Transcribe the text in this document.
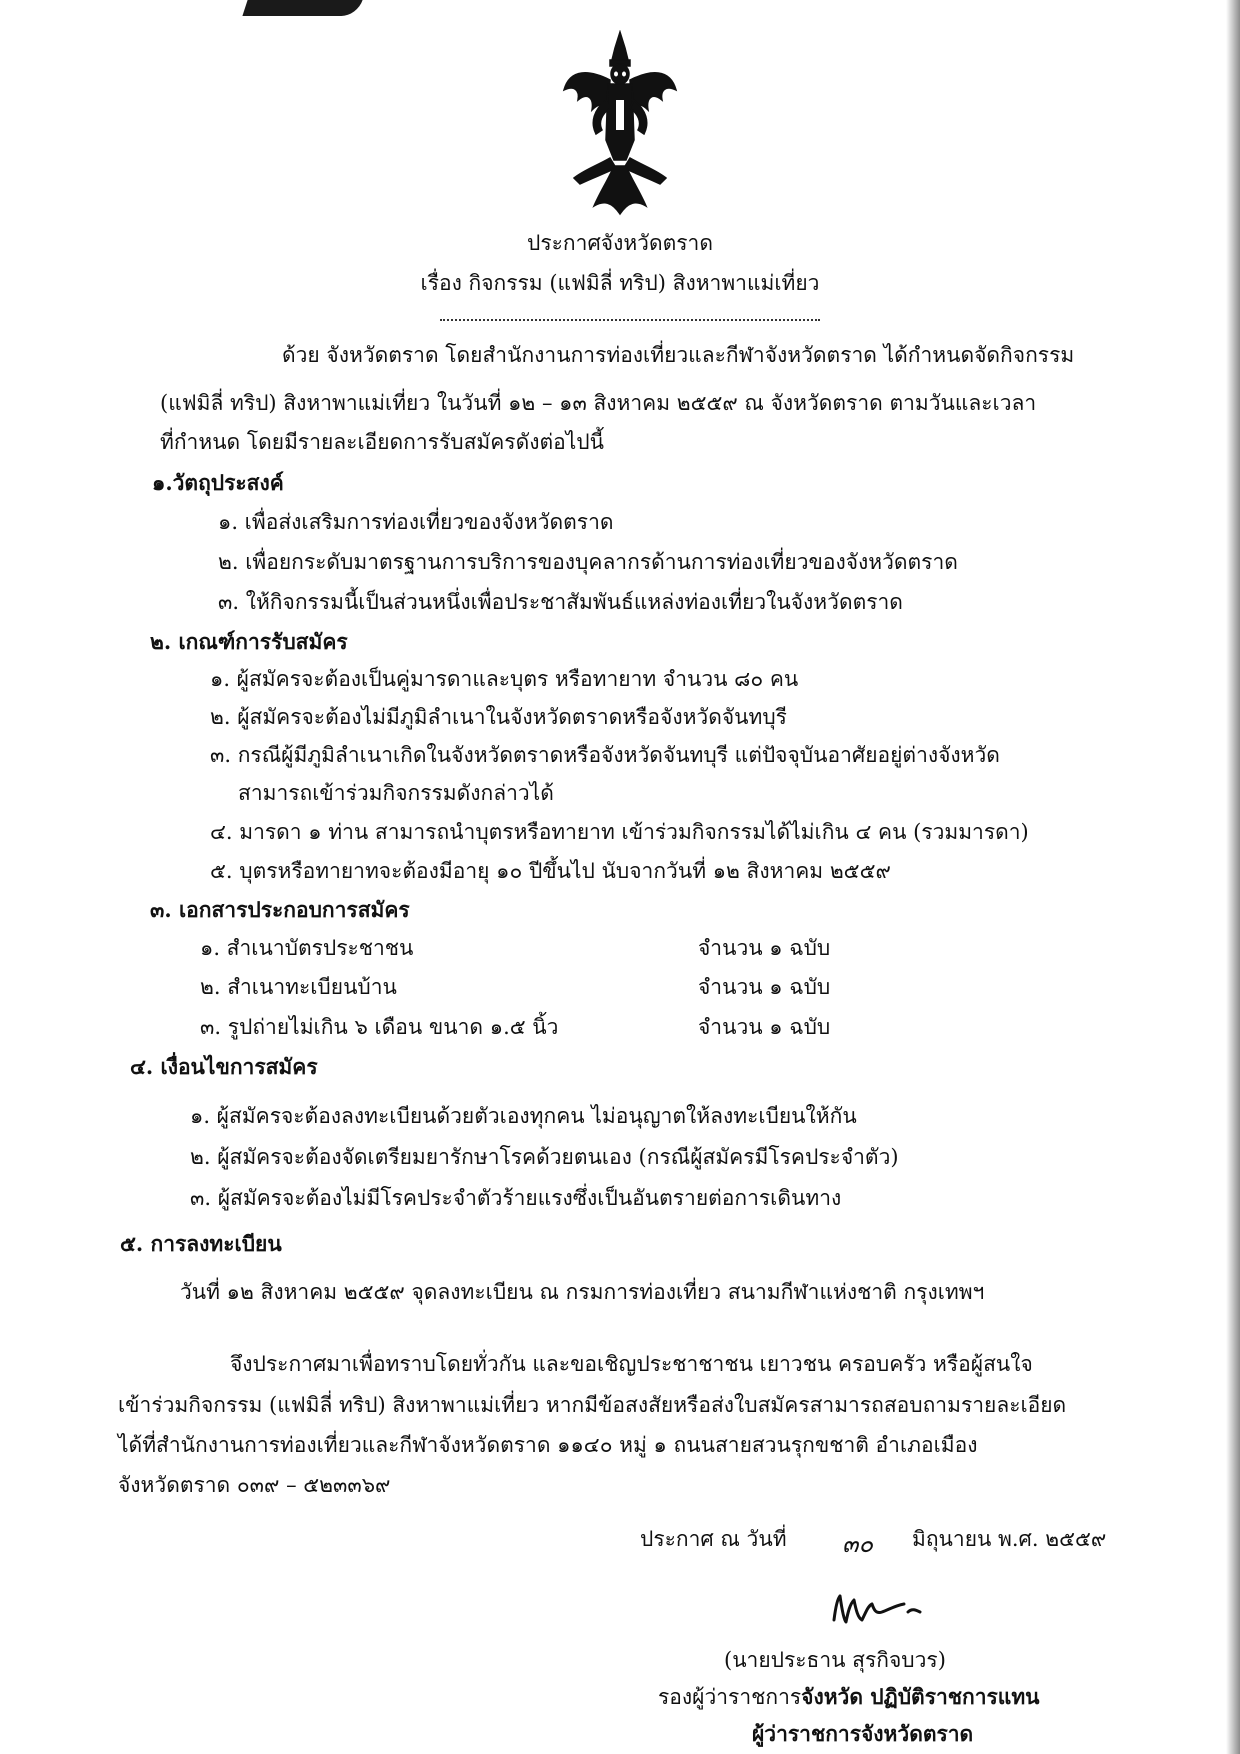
ประกาศจังหวัดตราด
เรื่อง กิจกรรม (แฟมิลี่ ทริป) สิงหาพาแม่เที่ยว
ด้วย จังหวัดตราด โดยสำนักงานการท่องเที่ยวและกีฬาจังหวัดตราด ได้กำหนดจัดกิจกรรม
(แฟมิลี่ ทริป) สิงหาพาแม่เที่ยว ในวันที่ ๑๒ – ๑๓ สิงหาคม ๒๕๕๙ ณ จังหวัดตราด ตามวันและเวลา
ที่กำหนด โดยมีรายละเอียดการรับสมัครดังต่อไปนี้
๑.วัตถุประสงค์
๑. เพื่อส่งเสริมการท่องเที่ยวของจังหวัดตราด
๒. เพื่อยกระดับมาตรฐานการบริการของบุคลากรด้านการท่องเที่ยวของจังหวัดตราด
๓. ให้กิจกรรมนี้เป็นส่วนหนึ่งเพื่อประชาสัมพันธ์แหล่งท่องเที่ยวในจังหวัดตราด
๒. เกณฑ์การรับสมัคร
๑. ผู้สมัครจะต้องเป็นคู่มารดาและบุตร หรือทายาท จำนวน ๘๐ คน
๒. ผู้สมัครจะต้องไม่มีภูมิลำเนาในจังหวัดตราดหรือจังหวัดจันทบุรี
๓. กรณีผู้มีภูมิลำเนาเกิดในจังหวัดตราดหรือจังหวัดจันทบุรี แต่ปัจจุบันอาศัยอยู่ต่างจังหวัด
สามารถเข้าร่วมกิจกรรมดังกล่าวได้
๔. มารดา ๑ ท่าน สามารถนำบุตรหรือทายาท เข้าร่วมกิจกรรมได้ไม่เกิน ๔ คน (รวมมารดา)
๕. บุตรหรือทายาทจะต้องมีอายุ ๑๐ ปีขึ้นไป นับจากวันที่ ๑๒ สิงหาคม ๒๕๕๙
๓. เอกสารประกอบการสมัคร
๑. สำเนาบัตรประชาชน	จำนวน ๑ ฉบับ
๒. สำเนาทะเบียนบ้าน	จำนวน ๑ ฉบับ
๓. รูปถ่ายไม่เกิน ๖ เดือน ขนาด ๑.๕ นิ้ว	จำนวน ๑ ฉบับ
๔. เงื่อนไขการสมัคร
๑. ผู้สมัครจะต้องลงทะเบียนด้วยตัวเองทุกคน ไม่อนุญาตให้ลงทะเบียนให้กัน
๒. ผู้สมัครจะต้องจัดเตรียมยารักษาโรคด้วยตนเอง (กรณีผู้สมัครมีโรคประจำตัว)
๓. ผู้สมัครจะต้องไม่มีโรคประจำตัวร้ายแรงซึ่งเป็นอันตรายต่อการเดินทาง
๕. การลงทะเบียน
วันที่ ๑๒ สิงหาคม ๒๕๕๙ จุดลงทะเบียน ณ กรมการท่องเที่ยว สนามกีฬาแห่งชาติ กรุงเทพฯ
จึงประกาศมาเพื่อทราบโดยทั่วกัน และขอเชิญประชาชาชน เยาวชน ครอบครัว หรือผู้สนใจ
เข้าร่วมกิจกรรม (แฟมิลี่ ทริป) สิงหาพาแม่เที่ยว หากมีข้อสงสัยหรือส่งใบสมัครสามารถสอบถามรายละเอียด
ได้ที่สำนักงานการท่องเที่ยวและกีฬาจังหวัดตราด ๑๑๔๐ หมู่ ๑ ถนนสายสวนรุกขชาติ อำเภอเมือง
จังหวัดตราด ๐๓๙ – ๕๒๓๓๖๙
ประกาศ ณ วันที่ ๓๐ มิถุนายน พ.ศ. ๒๕๕๙
(นายประธาน สุรกิจบวร)
รองผู้ว่าราชการจังหวัด ปฏิบัติราชการแทน
ผู้ว่าราชการจังหวัดตราด
